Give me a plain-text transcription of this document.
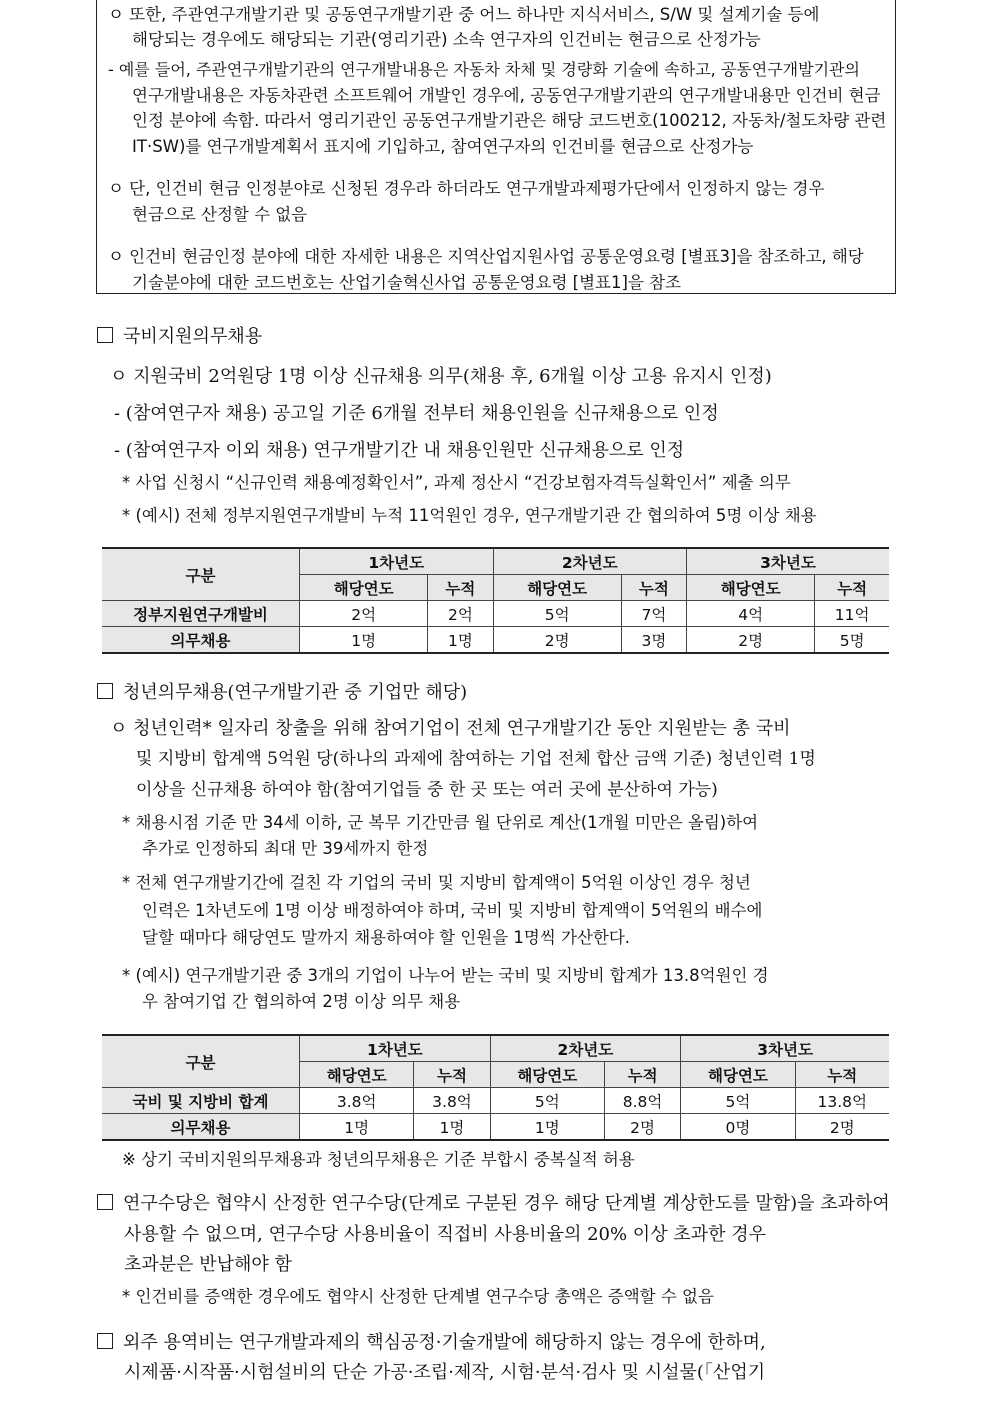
ㅇ 또한, 주관연구개발기관 및 공동연구개발기관 중 어느 하나만 지식서비스, S/W 및 설계기술 등에
해당되는 경우에도 해당되는 기관(영리기관) 소속 연구자의 인건비는 현금으로 산정가능
- 예를 들어, 주관연구개발기관의 연구개발내용은 자동차 차체 및 경량화 기술에 속하고, 공동연구개발기관의
연구개발내용은 자동차관련 소프트웨어 개발인 경우에, 공동연구개발기관의 연구개발내용만 인건비 현금
인정 분야에 속함. 따라서 영리기관인 공동연구개발기관은 해당 코드번호(100212, 자동차/철도차량 관련
IT·SW)를 연구개발계획서 표지에 기입하고, 참여연구자의 인건비를 현금으로 산정가능
ㅇ 단, 인건비 현금 인정분야로 신청된 경우라 하더라도 연구개발과제평가단에서 인정하지 않는 경우
현금으로 산정할 수 없음
ㅇ 인건비 현금인정 분야에 대한 자세한 내용은 지역산업지원사업 공통운영요령 [별표3]을 참조하고, 해당
기술분야에 대한 코드번호는 산업기술혁신사업 공통운영요령 [별표1]을 참조
국비지원의무채용
ㅇ 지원국비 2억원당 1명 이상 신규채용 의무(채용 후, 6개월 이상 고용 유지시 인정)
- (참여연구자 채용) 공고일 기준 6개월 전부터 채용인원을 신규채용으로 인정
- (참여연구자 이외 채용) 연구개발기간 내 채용인원만 신규채용으로 인정
* 사업 신청시 “신규인력 채용예정확인서”, 과제 정산시 “건강보험자격득실확인서” 제출 의무
* (예시) 전체 정부지원연구개발비 누적 11억원인 경우, 연구개발기관 간 협의하여 5명 이상 채용
구분	1차년도		2차년도		3차년도	
	해당연도	누적	해당연도	누적	해당연도	누적
정부지원연구개발비	2억	2억	5억	7억	4억	11억
의무채용	1명	1명	2명	3명	2명	5명
청년의무채용(연구개발기관 중 기업만 해당)
ㅇ 청년인력* 일자리 창출을 위해 참여기업이 전체 연구개발기간 동안 지원받는 총 국비
및 지방비 합계액 5억원 당(하나의 과제에 참여하는 기업 전체 합산 금액 기준) 청년인력 1명
이상을 신규채용 하여야 함(참여기업들 중 한 곳 또는 여러 곳에 분산하여 가능)
* 채용시점 기준 만 34세 이하, 군 복무 기간만큼 월 단위로 계산(1개월 미만은 올림)하여
추가로 인정하되 최대 만 39세까지 한정
* 전체 연구개발기간에 걸친 각 기업의 국비 및 지방비 합계액이 5억원 이상인 경우 청년
인력은 1차년도에 1명 이상 배정하여야 하며, 국비 및 지방비 합계액이 5억원의 배수에
달할 때마다 해당연도 말까지 채용하여야 할 인원을 1명씩 가산한다.
* (예시) 연구개발기관 중 3개의 기업이 나누어 받는 국비 및 지방비 합계가 13.8억원인 경
우 참여기업 간 협의하여 2명 이상 의무 채용
구분	1차년도		2차년도		3차년도	
	해당연도	누적	해당연도	누적	해당연도	누적
국비 및 지방비 합계	3.8억	3.8억	5억	8.8억	5억	13.8억
의무채용	1명	1명	1명	2명	0명	2명
※ 상기 국비지원의무채용과 청년의무채용은 기준 부합시 중복실적 허용
연구수당은 협약시 산정한 연구수당(단계로 구분된 경우 해당 단계별 계상한도를 말함)을 초과하여
사용할 수 없으며, 연구수당 사용비율이 직접비 사용비율의 20% 이상 초과한 경우
초과분은 반납해야 함
* 인건비를 증액한 경우에도 협약시 산정한 단계별 연구수당 총액은 증액할 수 없음
외주 용역비는 연구개발과제의 핵심공정·기술개발에 해당하지 않는 경우에 한하며,
시제품·시작품·시험설비의 단순 가공·조립·제작, 시험·분석·검사 및 시설물(「산업기
